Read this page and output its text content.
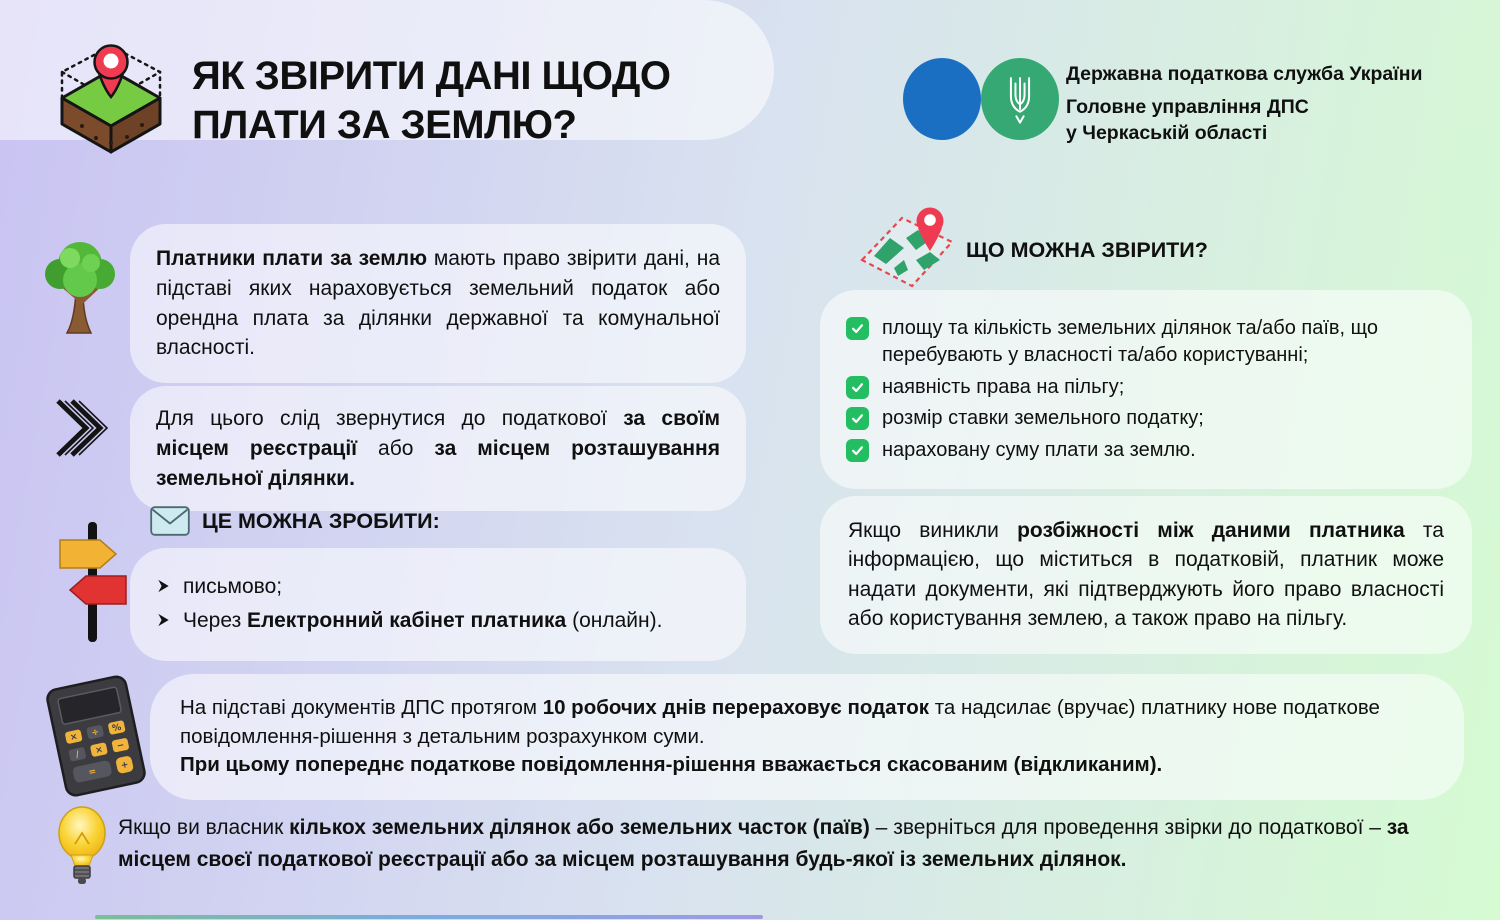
ЯК ЗВІРИТИ ДАНІ ЩОДО
ПЛАТИ ЗА ЗЕМЛЮ?
Державна податкова служба України
Головне управління ДПС
у Черкаській області
Платники плати за землю мають право звірити дані, на підставі яких нараховується земельний податок або орендна плата за ділянки державної та комунальної власності.
Для цього слід звернутися до податкової за своїм місцем реєстрації або за місцем розташування земельної ділянки.
ЦЕ МОЖНА ЗРОБИТИ:
письмово;
Через Електронний кабінет платника (онлайн).
ЩО МОЖНА ЗВІРИТИ?
площу та кількість земельних ділянок та/або паїв, що перебувають у власності та/або користуванні;
наявність права на пільгу;
розмір ставки земельного податку;
нараховану суму плати за землю.
Якщо виникли розбіжності між даними платника та інформацією, що міститься в податковій, платник може надати документи, які підтверджують його право власності або користування землею, а також право на пільгу.
× ÷ %
/ × −
=
+
На підставі документів ДПС протягом 10 робочих днів перераховує податок та надсилає (вручає) платнику нове податкове повідомлення-рішення з детальним розрахунком суми.
При цьому попереднє податкове повідомлення-рішення вважається скасованим (відкликаним).
Якщо ви власник кількох земельних ділянок або земельних часток (паїв) – зверніться для проведення звірки до податкової – за місцем своєї податкової реєстрації або за місцем розташування будь-якої із земельних ділянок.
